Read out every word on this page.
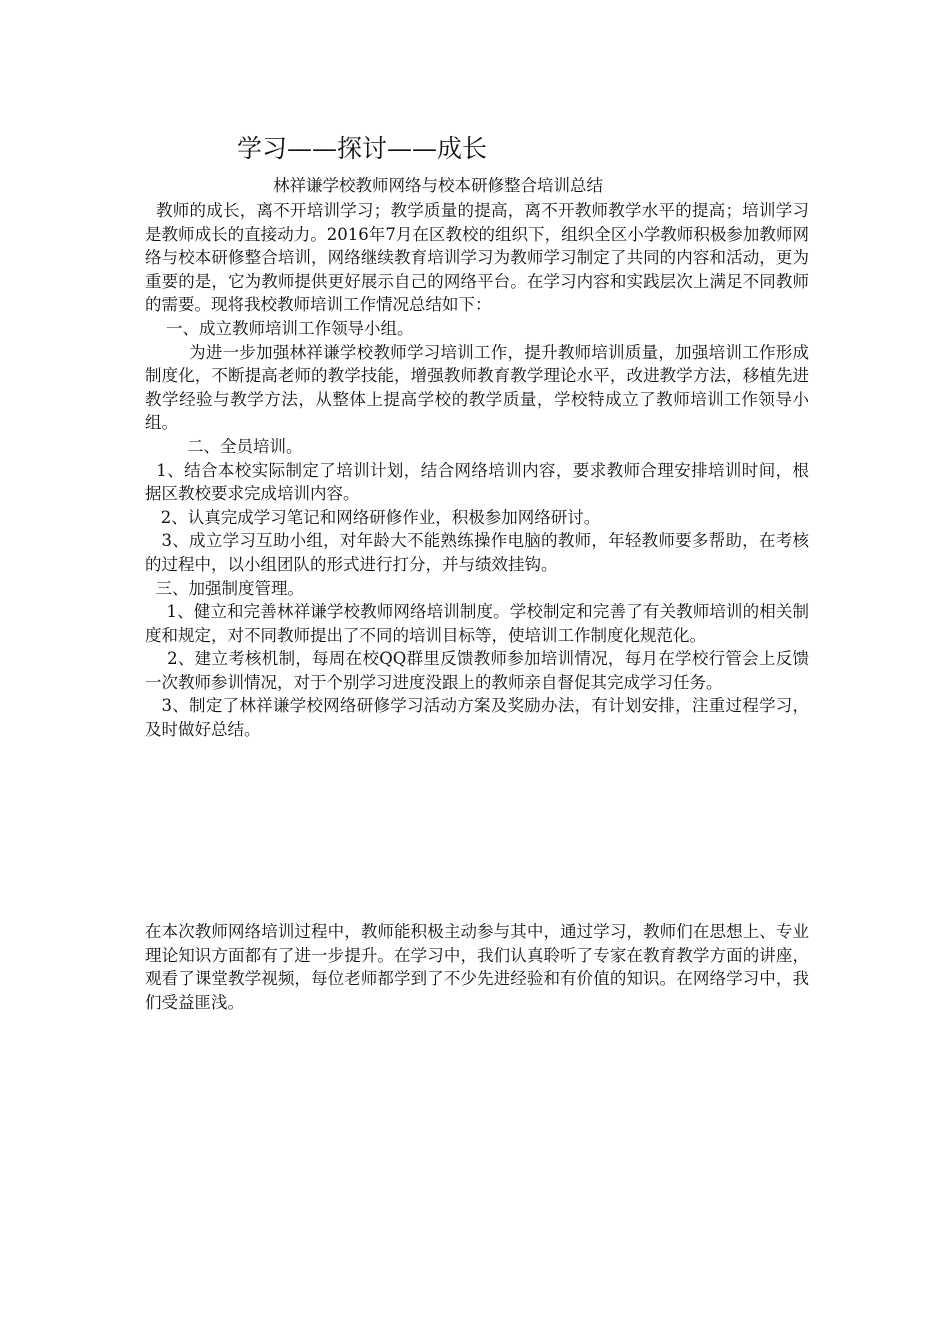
学习——探讨——成长
林祥谦学校教师网络与校本研修整合培训总结

教师的成长，离不开培训学习；教学质量的提高，离不开教师教学水平的提高；培训学习是教师成长的直接动力。2016年7月在区教校的组织下，组织全区小学教师积极参加教师网络与校本研修整合培训，网络继续教育培训学习为教师学习制定了共同的内容和活动，更为重要的是，它为教师提供更好展示自己的网络平台。在学习内容和实践层次上满足不同教师的需要。现将我校教师培训工作情况总结如下：

一、成立教师培训工作领导小组。

为进一步加强林祥谦学校教师学习培训工作，提升教师培训质量，加强培训工作形成制度化，不断提高老师的教学技能，增强教师教育教学理论水平，改进教学方法，移植先进教学经验与教学方法，从整体上提高学校的教学质量，学校特成立了教师培训工作领导小组。

二、全员培训。

1、结合本校实际制定了培训计划，结合网络培训内容，要求教师合理安排培训时间，根据区教校要求完成培训内容。

2、认真完成学习笔记和网络研修作业，积极参加网络研讨。

3、成立学习互助小组，对年龄大不能熟练操作电脑的教师，年轻教师要多帮助，在考核的过程中，以小组团队的形式进行打分，并与绩效挂钩。

三、加强制度管理。

1、健立和完善林祥谦学校教师网络培训制度。学校制定和完善了有关教师培训的相关制度和规定，对不同教师提出了不同的培训目标等，使培训工作制度化规范化。

2、建立考核机制，每周在校QQ群里反馈教师参加培训情况，每月在学校行管会上反馈一次教师参训情况，对于个别学习进度没跟上的教师亲自督促其完成学习任务。

3、制定了林祥谦学校网络研修学习活动方案及奖励办法，有计划安排，注重过程学习，及时做好总结。

在本次教师网络培训过程中，教师能积极主动参与其中，通过学习，教师们在思想上、专业理论知识方面都有了进一步提升。在学习中，我们认真聆听了专家在教育教学方面的讲座，观看了课堂教学视频，每位老师都学到了不少先进经验和有价值的知识。在网络学习中，我们受益匪浅。
